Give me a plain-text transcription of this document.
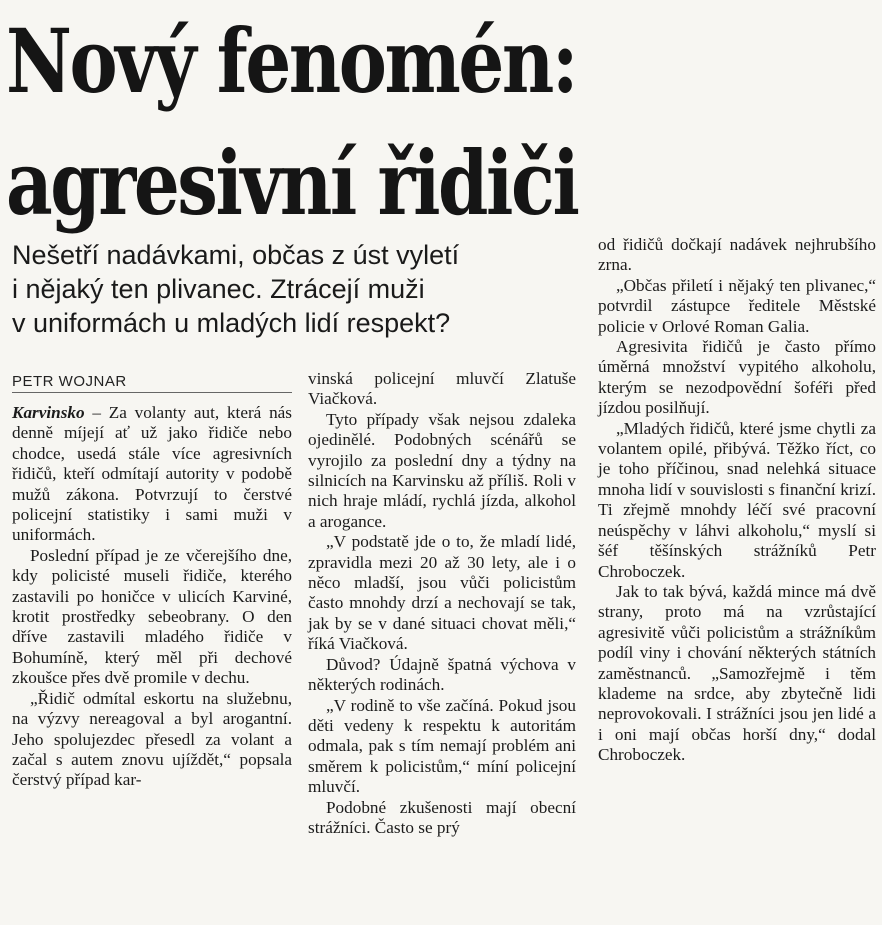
Nový fenomén:
agresivní řidiči
Nešetří nadávkami, občas z úst vyletí
i nějaký ten plivanec. Ztrácejí muži
v uniformách u mladých lidí respekt?
PETR WOJNAR

Karvinsko – Za volanty aut, která nás denně míjejí ať už jako řidiče nebo chodce, usedá stále více agresivních řidičů, kteří odmítají autority v podobě mužů zákona. Potvrzují to čerstvé policejní statistiky i sami muži v uniformách.

Poslední případ je ze včerejšího dne, kdy policisté museli řidiče, kterého zastavili po honičce v ulicích Karviné, krotit prostředky sebeobrany. O den dříve zastavili mladého řidiče v Bohumíně, který měl při dechové zkoušce přes dvě promile v dechu.

„Řidič odmítal eskortu na služebnu, na výzvy nereagoval a byl arogantní. Jeho spolujezdec přesedl za volant a začal s autem znovu ujíždět,“ popsala čerstvý případ kar-

vinská policejní mluvčí Zlatuše Viačková.

Tyto případy však nejsou zdaleka ojedinělé. Podobných scénářů se vyrojilo za poslední dny a týdny na silnicích na Karvinsku až příliš. Roli v nich hraje mládí, rychlá jízda, alkohol a arogance.

„V podstatě jde o to, že mladí lidé, zpravidla mezi 20 až 30 lety, ale i o něco mladší, jsou vůči policistům často mnohdy drzí a nechovají se tak, jak by se v dané situaci chovat měli,“ říká Viačková.

Důvod? Údajně špatná výchova v některých rodinách.

„V rodině to vše začíná. Pokud jsou děti vedeny k respektu k autoritám odmala, pak s tím nemají problém ani směrem k policistům,“ míní policejní mluvčí.

Podobné zkušenosti mají obecní strážníci. Často se prý

od řidičů dočkají nadávek nejhrubšího zrna.

„Občas přiletí i nějaký ten plivanec,“ potvrdil zástupce ředitele Městské policie v Orlové Roman Galia.

Agresivita řidičů je často přímo úměrná množství vypitého alkoholu, kterým se nezodpovědní šoféři před jízdou posilňují.

„Mladých řidičů, které jsme chytli za volantem opilé, přibývá. Těžko říct, co je toho příčinou, snad nelehká situace mnoha lidí v souvislosti s finanční krizí. Ti zřejmě mnohdy léčí své pracovní neúspěchy v láhvi alkoholu,“ myslí si šéf těšínských strážníků Petr Chroboczek.

Jak to tak bývá, každá mince má dvě strany, proto má na vzrůstající agresivitě vůči policistům a strážníkům podíl viny i chování některých státních zaměstnanců. „Samozřejmě i těm klademe na srdce, aby zbytečně lidi neprovokovali. I strážníci jsou jen lidé a i oni mají občas horší dny,“ dodal Chroboczek.
